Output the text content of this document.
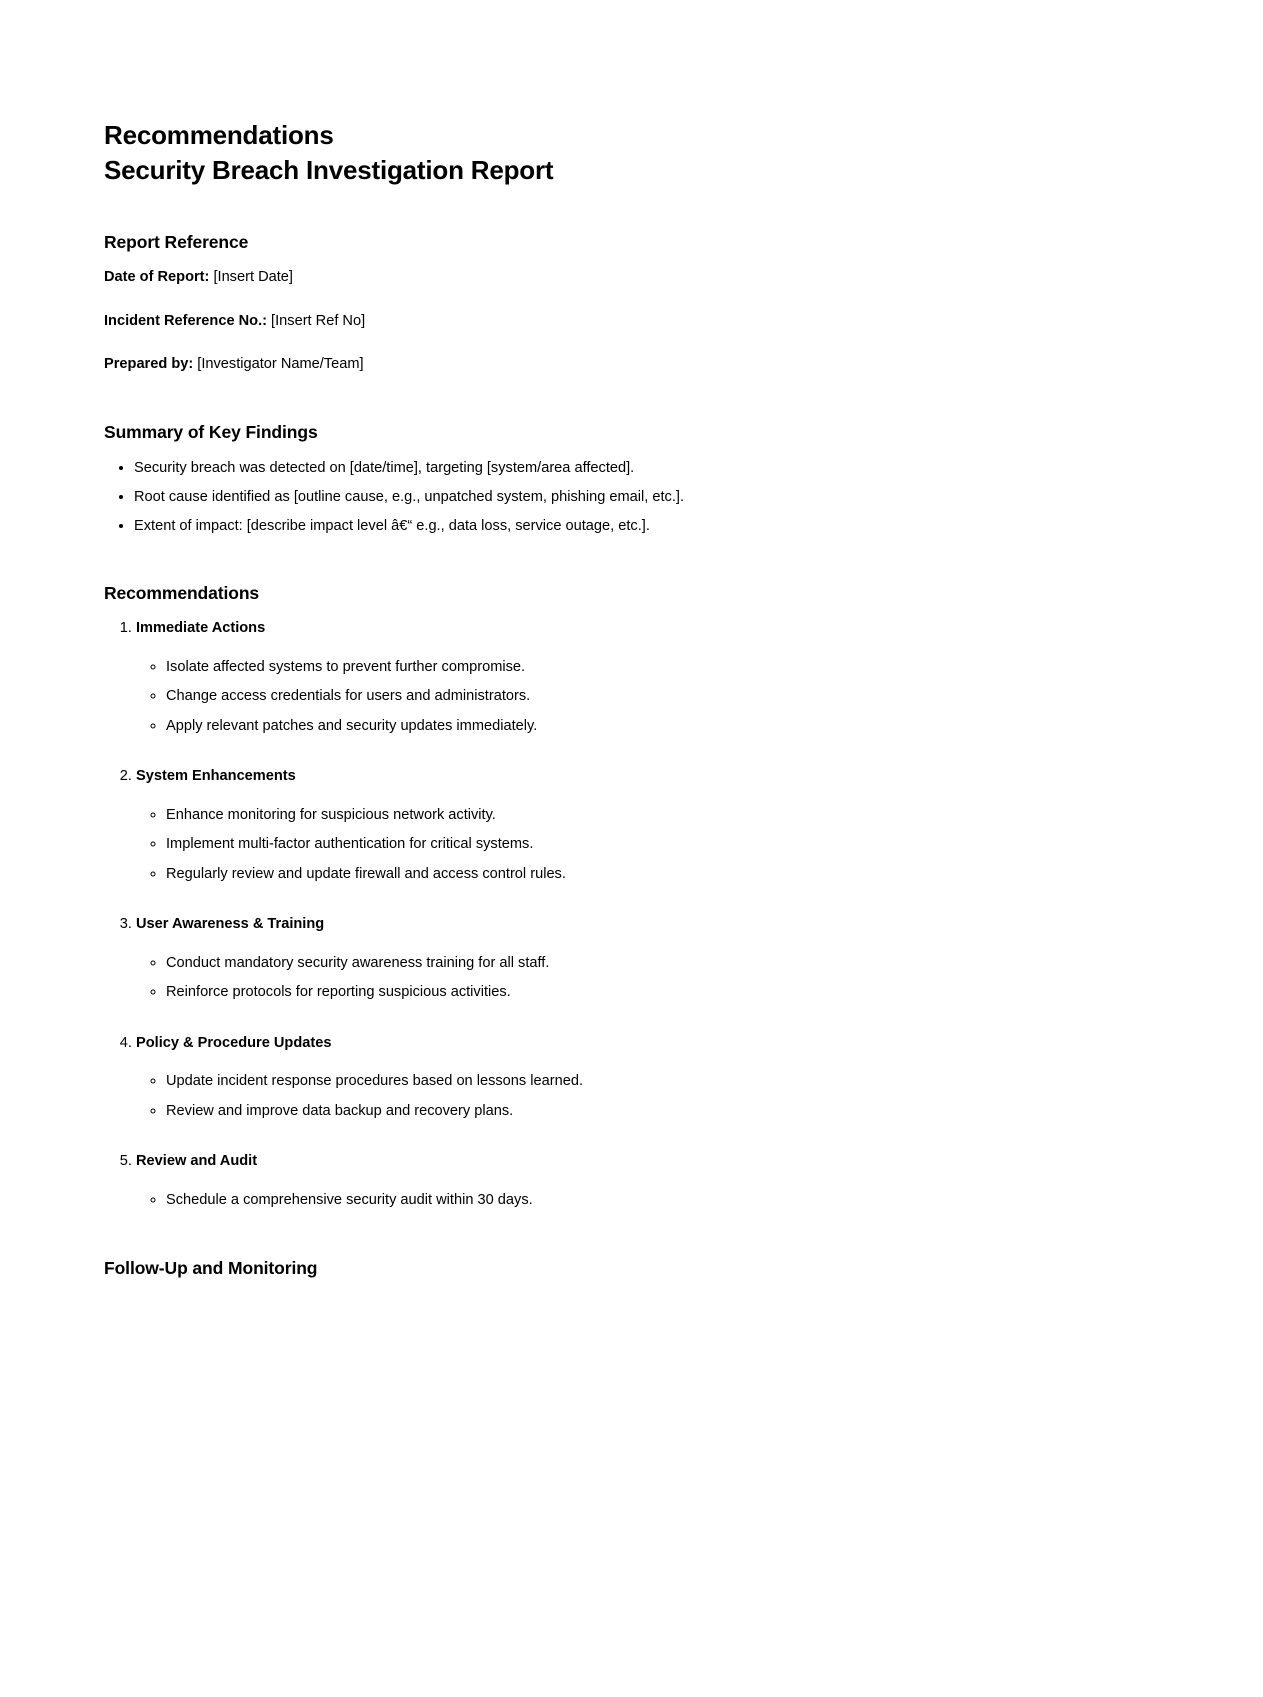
Recommendations
Security Breach Investigation Report
Report Reference

Date of Report: [Insert Date]

Incident Reference No.: [Insert Ref No]

Prepared by: [Investigator Name/Team]

Summary of Key Findings
• Security breach was detected on [date/time], targeting [system/area affected].
• Root cause identified as [outline cause, e.g., unpatched system, phishing email, etc.].
• Extent of impact: [describe impact level â€“ e.g., data loss, service outage, etc.].
Recommendations
1. Immediate Actions
◦ Isolate affected systems to prevent further compromise.
◦ Change access credentials for users and administrators.
◦ Apply relevant patches and security updates immediately.
2. System Enhancements
◦ Enhance monitoring for suspicious network activity.
◦ Implement multi-factor authentication for critical systems.
◦ Regularly review and update firewall and access control rules.
3. User Awareness & Training
◦ Conduct mandatory security awareness training for all staff.
◦ Reinforce protocols for reporting suspicious activities.
4. Policy & Procedure Updates
◦ Update incident response procedures based on lessons learned.
◦ Review and improve data backup and recovery plans.
5. Review and Audit
◦ Schedule a comprehensive security audit within 30 days.
Follow-Up and Monitoring
